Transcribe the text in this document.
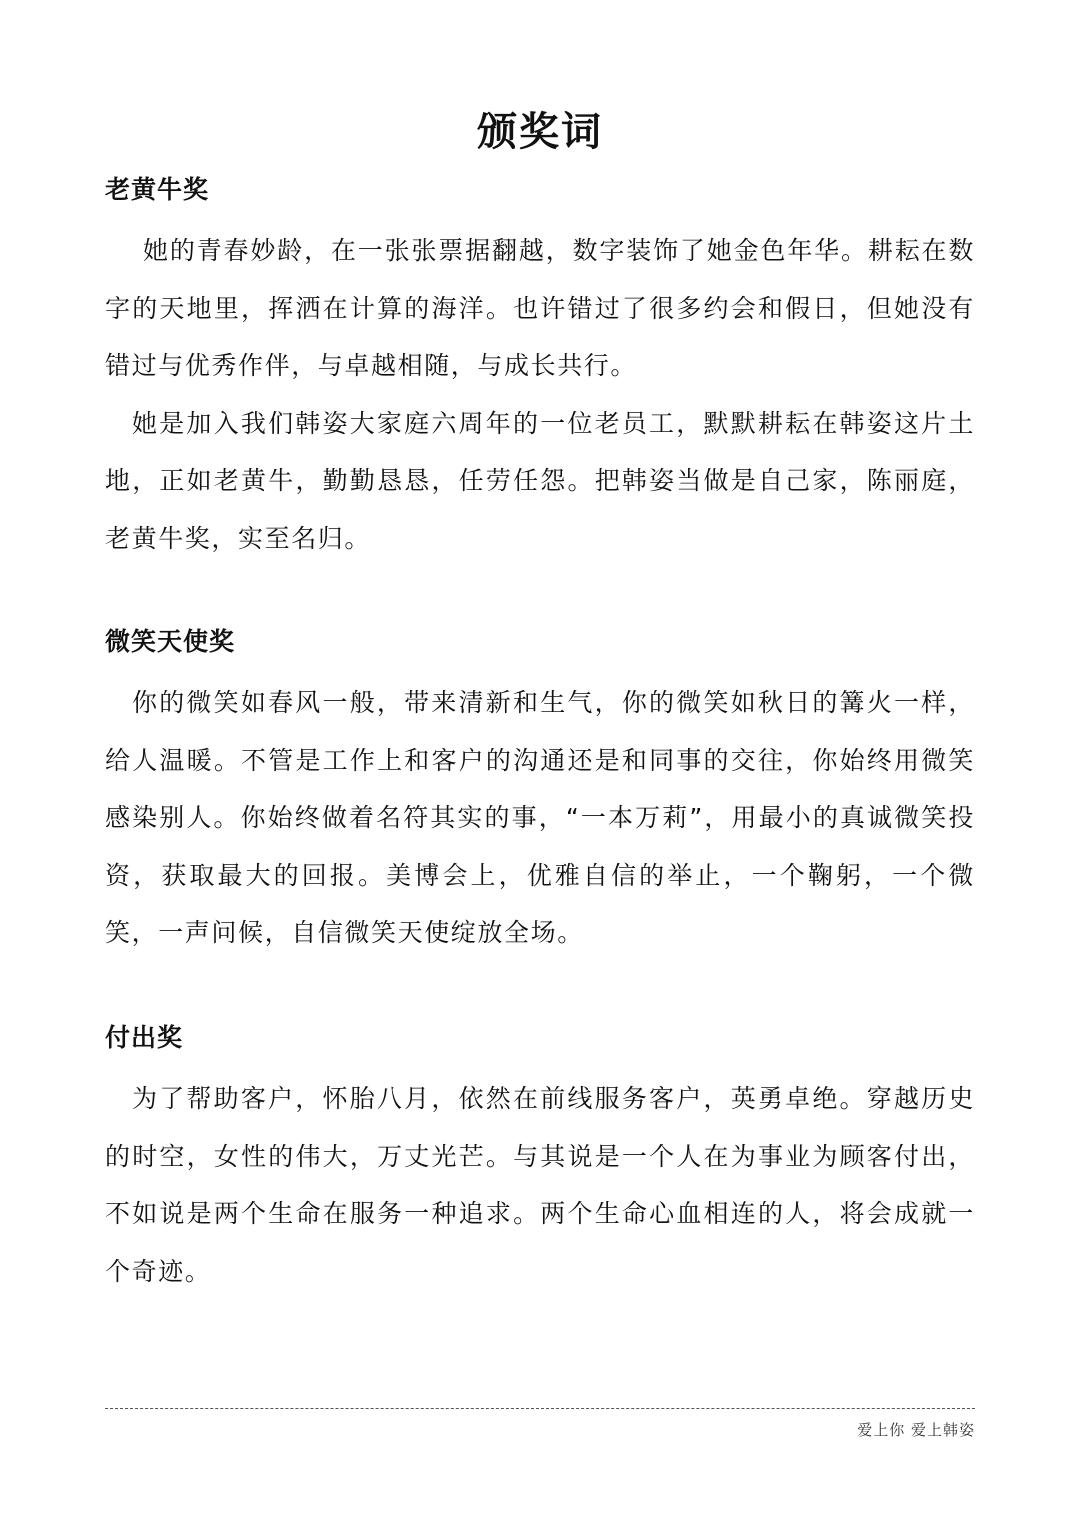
颁奖词
老黄牛奖

她的青春妙龄，在一张张票据翻越，数字装饰了她金色年华。耕耘在数字的天地里，挥洒在计算的海洋。也许错过了很多约会和假日，但她没有错过与优秀作伴，与卓越相随，与成长共行。

她是加入我们韩姿大家庭六周年的一位老员工，默默耕耘在韩姿这片土地，正如老黄牛，勤勤恳恳，任劳任怨。把韩姿当做是自己家，陈丽庭，老黄牛奖，实至名归。

微笑天使奖

你的微笑如春风一般，带来清新和生气，你的微笑如秋日的篝火一样，给人温暖。不管是工作上和客户的沟通还是和同事的交往，你始终用微笑感染别人。你始终做着名符其实的事，“一本万莉”，用最小的真诚微笑投资，获取最大的回报。美博会上，优雅自信的举止，一个鞠躬，一个微笑，一声问候，自信微笑天使绽放全场。

付出奖

为了帮助客户，怀胎八月，依然在前线服务客户，英勇卓绝。穿越历史的时空，女性的伟大，万丈光芒。与其说是一个人在为事业为顾客付出，不如说是两个生命在服务一种追求。两个生命心血相连的人，将会成就一个奇迹。

爱上你 爱上韩姿
